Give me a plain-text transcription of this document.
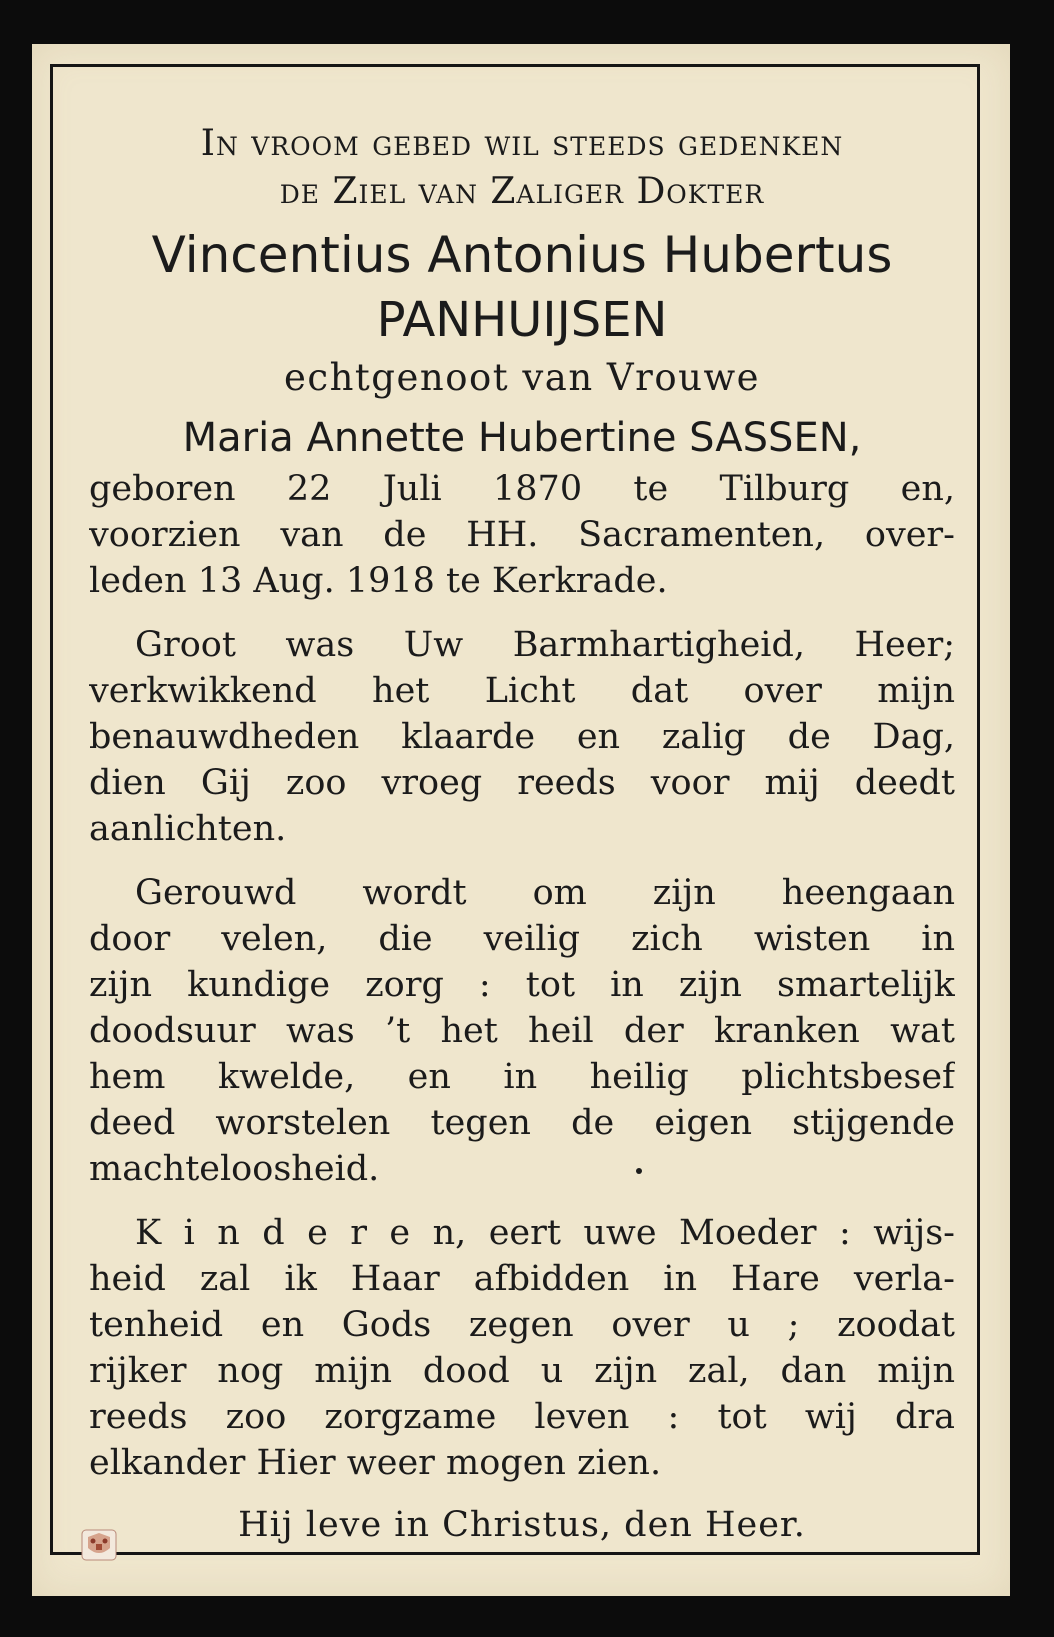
In vroom gebed wil steeds gedenken
de Ziel van Zaliger Dokter
Vincentius Antonius Hubertus
PANHUIJSEN
echtgenoot van Vrouwe
Maria Annette Hubertine SASSEN,
geboren 22 Juli 1870 te Tilburg en,
voorzien van de HH. Sacramenten, over-
leden 13 Aug. 1918 te Kerkrade.
Groot was Uw Barmhartigheid, Heer;
verkwikkend het Licht dat over mijn
benauwdheden klaarde en zalig de Dag,
dien Gij zoo vroeg reeds voor mij deedt
aanlichten.
Gerouwd wordt om zijn heengaan
door velen, die veilig zich wisten in
zijn kundige zorg : tot in zijn smartelijk
doodsuur was ’t het heil der kranken wat
hem kwelde, en in heilig plichtsbesef
deed worstelen tegen de eigen stijgende
machteloosheid.
K i n d e r e n, eert uwe Moeder : wijs-
heid zal ik Haar afbidden in Hare verla-
tenheid en Gods zegen over u ; zoodat
rijker nog mijn dood u zijn zal, dan mijn
reeds zoo zorgzame leven : tot wij dra
elkander Hier weer mogen zien.
Hij leve in Christus, den Heer.
